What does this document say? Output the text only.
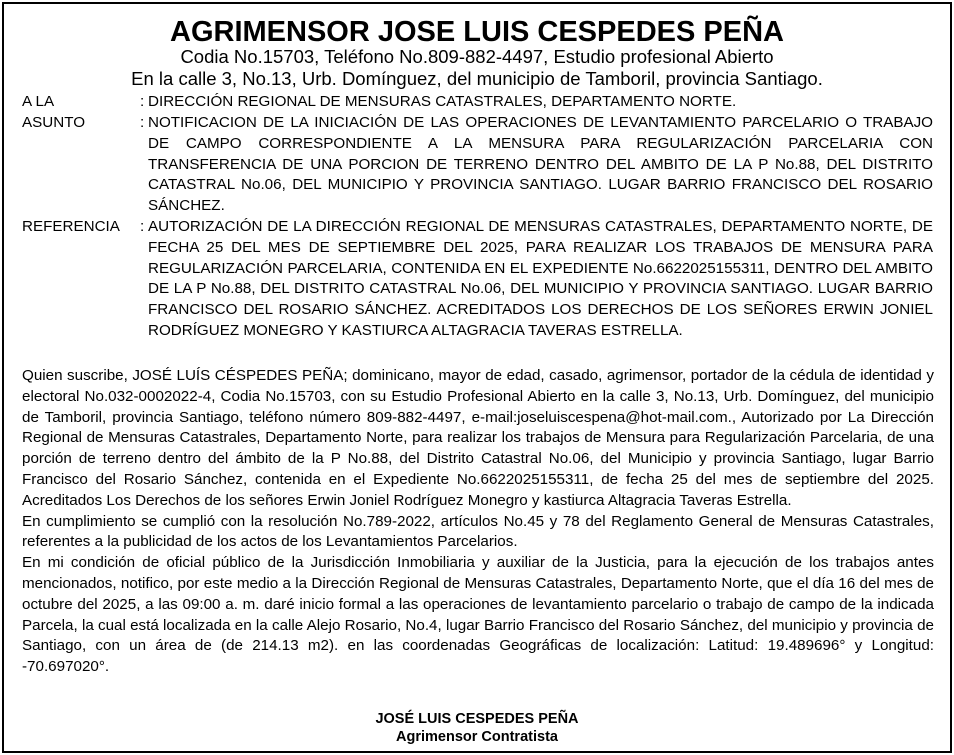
AGRIMENSOR JOSE LUIS CESPEDES PEÑA
Codia No.15703, Teléfono No.809-882-4497, Estudio profesional Abierto
En la calle 3, No.13, Urb. Domínguez, del municipio de Tamboril, provincia Santiago.
A LA	: DIRECCIÓN REGIONAL DE MENSURAS CATASTRALES, DEPARTAMENTO NORTE.
ASUNTO	: NOTIFICACION DE LA INICIACIÓN DE LAS OPERACIONES DE LEVANTAMIENTO PARCELARIO O TRABAJO DE CAMPO CORRESPONDIENTE A LA MENSURA PARA REGULARIZACIÓN PARCELARIA CON TRANSFERENCIA DE UNA PORCION DE TERRENO DENTRO DEL AMBITO DE LA P No.88, DEL DISTRITO CATASTRAL No.06, DEL MUNICIPIO Y PROVINCIA SANTIAGO. LUGAR BARRIO FRANCISCO DEL ROSARIO SÁNCHEZ.
REFERENCIA : AUTORIZACIÓN DE LA DIRECCIÓN REGIONAL DE MENSURAS CATASTRALES, DEPARTAMENTO NORTE, DE FECHA 25 DEL MES DE SEPTIEMBRE DEL 2025, PARA REALIZAR LOS TRABAJOS DE MENSURA PARA REGULARIZACIÓN PARCELARIA, CONTENIDA EN EL EXPEDIENTE No.6622025155311, DENTRO DEL AMBITO DE LA P No.88, DEL DISTRITO CATASTRAL No.06, DEL MUNICIPIO Y PROVINCIA SANTIAGO. LUGAR BARRIO FRANCISCO DEL ROSARIO SÁNCHEZ. ACREDITADOS LOS DERECHOS DE LOS SEÑORES ERWIN JONIEL RODRÍGUEZ MONEGRO Y KASTIURCA ALTAGRACIA TAVERAS ESTRELLA.

Quien suscribe, JOSÉ LUÍS CÉSPEDES PEÑA; dominicano, mayor de edad, casado, agrimensor, portador de la cédula de identidad y electoral No.032-0002022-4, Codia No.15703, con su Estudio Profesional Abierto en la calle 3, No.13, Urb. Domínguez, del municipio de Tamboril, provincia Santiago, teléfono número 809-882-4497, e-mail:joseluiscespena@hot-mail.com., Autorizado por La Dirección Regional de Mensuras Catastrales, Departamento Norte, para realizar los trabajos de Mensura para Regularización Parcelaria, de una porción de terreno dentro del ámbito de la P No.88, del Distrito Catastral No.06, del Municipio y provincia Santiago, lugar Barrio Francisco del Rosario Sánchez, contenida en el Expediente No.6622025155311, de fecha 25 del mes de septiembre del 2025. Acreditados Los Derechos de los señores Erwin Joniel Rodríguez Monegro y kastiurca Altagracia Taveras Estrella.

En cumplimiento se cumplió con la resolución No.789-2022, artículos No.45 y 78 del Reglamento General de Mensuras Catastrales, referentes a la publicidad de los actos de los Levantamientos Parcelarios.

En mi condición de oficial público de la Jurisdicción Inmobiliaria y auxiliar de la Justicia, para la ejecución de los trabajos antes mencionados, notifico, por este medio a la Dirección Regional de Mensuras Catastrales, Departamento Norte, que el día 16 del mes de octubre del 2025, a las 09:00 a. m. daré inicio formal a las operaciones de levantamiento parcelario o trabajo de campo de la indicada Parcela, la cual está localizada en la calle Alejo Rosario, No.4, lugar Barrio Francisco del Rosario Sánchez, del municipio y provincia de Santiago, con un área de (de 214.13 m2). en las coordenadas Geográficas de localización: Latitud: 19.489696° y Longitud: -70.697020°.

JOSÉ LUIS CESPEDES PEÑA
Agrimensor Contratista
